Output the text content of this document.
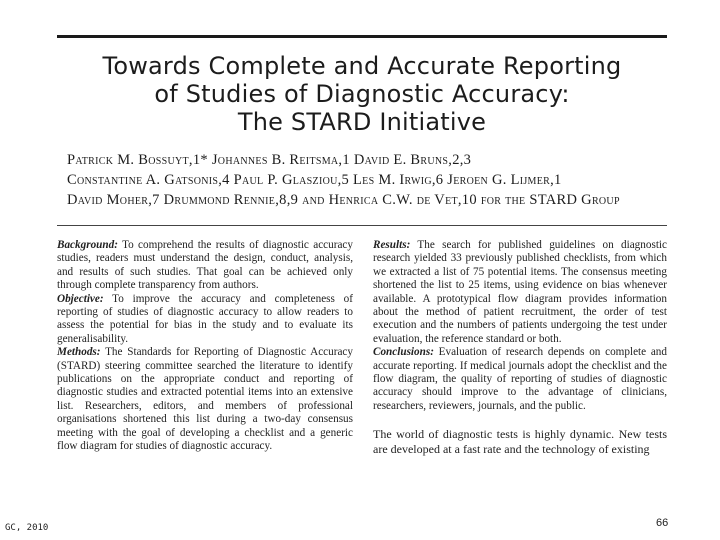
Towards Complete and Accurate Reporting
of Studies of Diagnostic Accuracy:
The STARD Initiative
Patrick M. Bossuyt,1* Johannes B. Reitsma,1 David E. Bruns,2,3
Constantine A. Gatsonis,4 Paul P. Glasziou,5 Les M. Irwig,6 Jeroen G. Lijmer,1
David Moher,7 Drummond Rennie,8,9 and Henrica C.W. de Vet,10 for the STARD Group

Background: To comprehend the results of diagnostic accuracy studies, readers must understand the design, conduct, analysis, and results of such studies. That goal can be achieved only through complete transparency from authors.

Objective: To improve the accuracy and completeness of reporting of studies of diagnostic accuracy to allow readers to assess the potential for bias in the study and to evaluate its generalisability.

Methods: The Standards for Reporting of Diagnostic Accuracy (STARD) steering committee searched the literature to identify publications on the appropriate conduct and reporting of diagnostic studies and extracted potential items into an extensive list. Researchers, editors, and members of professional organisations shortened this list during a two-day consensus meeting with the goal of developing a checklist and a generic flow diagram for studies of diagnostic accuracy.

Results: The search for published guidelines on diagnostic research yielded 33 previously published checklists, from which we extracted a list of 75 potential items. The consensus meeting shortened the list to 25 items, using evidence on bias whenever available. A prototypical flow diagram provides information about the method of patient recruitment, the order of test execution and the numbers of patients undergoing the test under evaluation, the reference standard or both.

Conclusions: Evaluation of research depends on complete and accurate reporting. If medical journals adopt the checklist and the flow diagram, the quality of reporting of studies of diagnostic accuracy should improve to the advantage of clinicians, researchers, reviewers, journals, and the public.

The world of diagnostic tests is highly dynamic. New tests are developed at a fast rate and the technology of existing

GC, 2010	66
